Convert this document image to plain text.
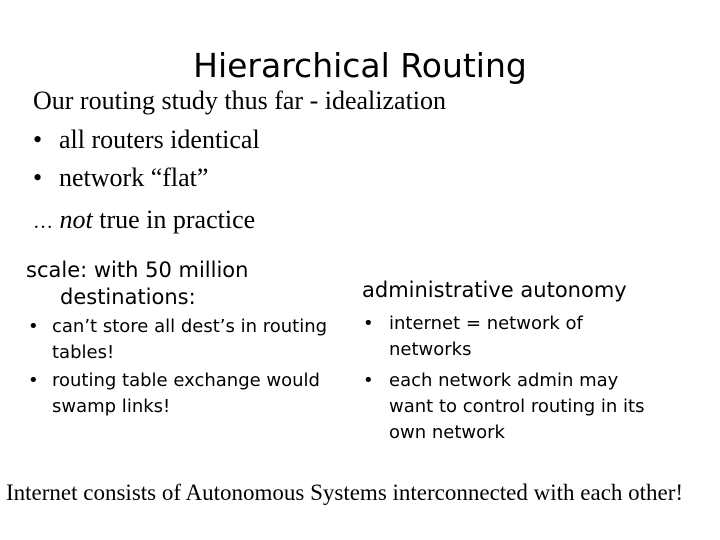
Hierarchical Routing
Our routing study thus far - idealization
• all routers identical
• network “flat”
… not true in practice
scale: with 50 million
destinations:
• can’t store all dest’s in routing
tables!
• routing table exchange would
swamp links!
administrative autonomy
• internet = network of
networks
• each network admin may
want to control routing in its
own network
Internet consists of Autonomous Systems interconnected with each other!
